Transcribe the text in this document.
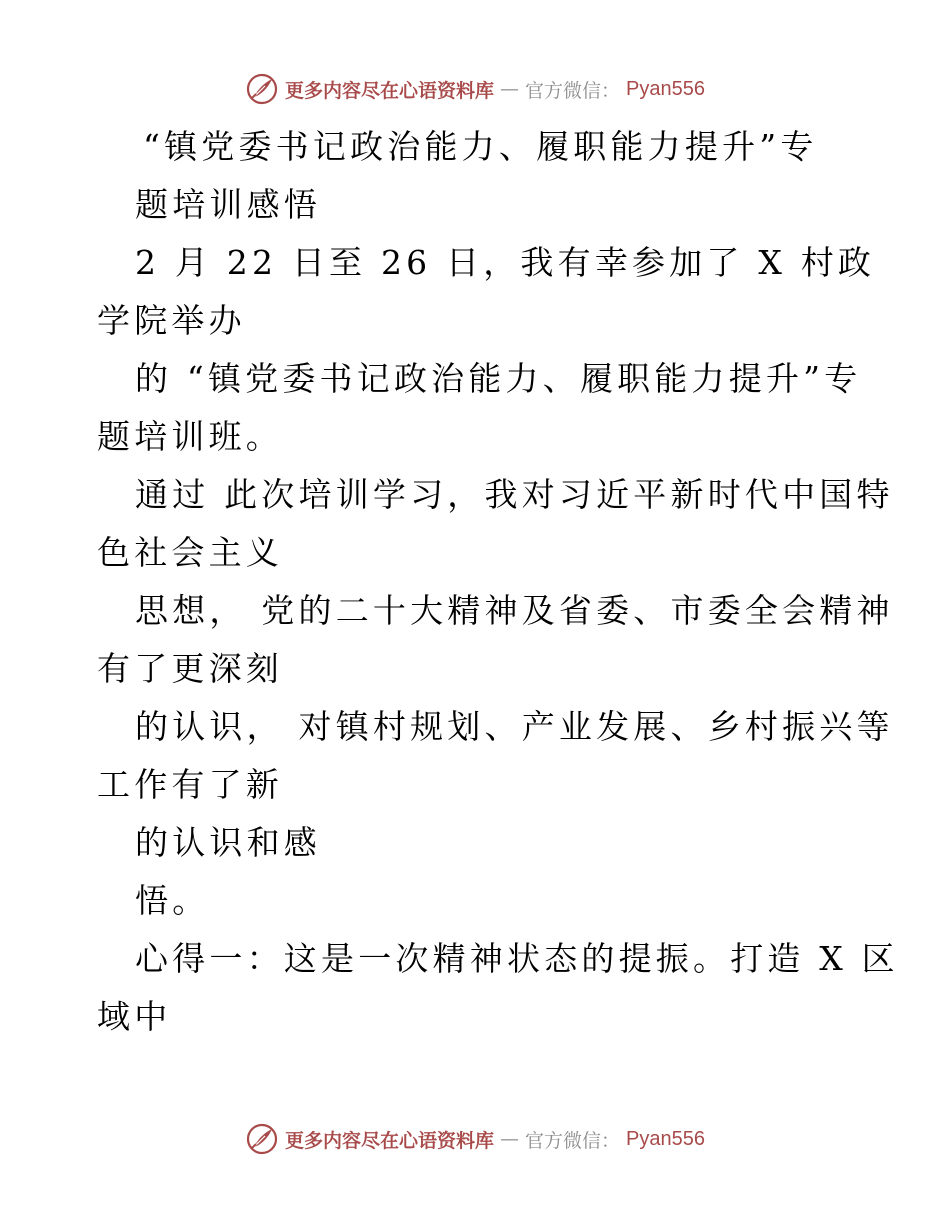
更多内容尽在心语资料库 — 官方微信： Pyan556
“镇党委书记政治能力、履职能力提升”专
题培训感悟
2 月 22 日至 26 日，我有幸参加了 X 村政
学院举办
的 “镇党委书记政治能力、履职能力提升”专
题培训班。
通过 此次培训学习，我对习近平新时代中国特
色社会主义
思想， 党的二十大精神及省委、市委全会精神
有了更深刻
的认识， 对镇村规划、产业发展、乡村振兴等
工作有了新
的认识和感
悟。
心得一：这是一次精神状态的提振。打造 X 区
域中
更多内容尽在心语资料库 — 官方微信： Pyan556
